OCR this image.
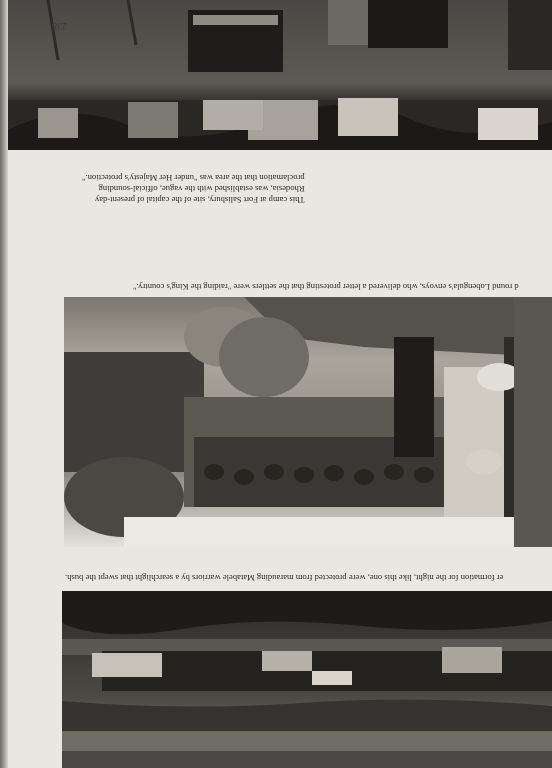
238
This camp at Fort Salisbury, site of the capital of present-day
Rhodesia, was established with the vague, official-sounding
proclamation that the area was "under Her Majesty's protection."
d round Lobengula's envoys, who delivered a letter protesting that the settlers were "raiding the King's country."
er formation for the night, like this one, were protected from marauding Matabele warriors by a searchlight that swept the bush.
